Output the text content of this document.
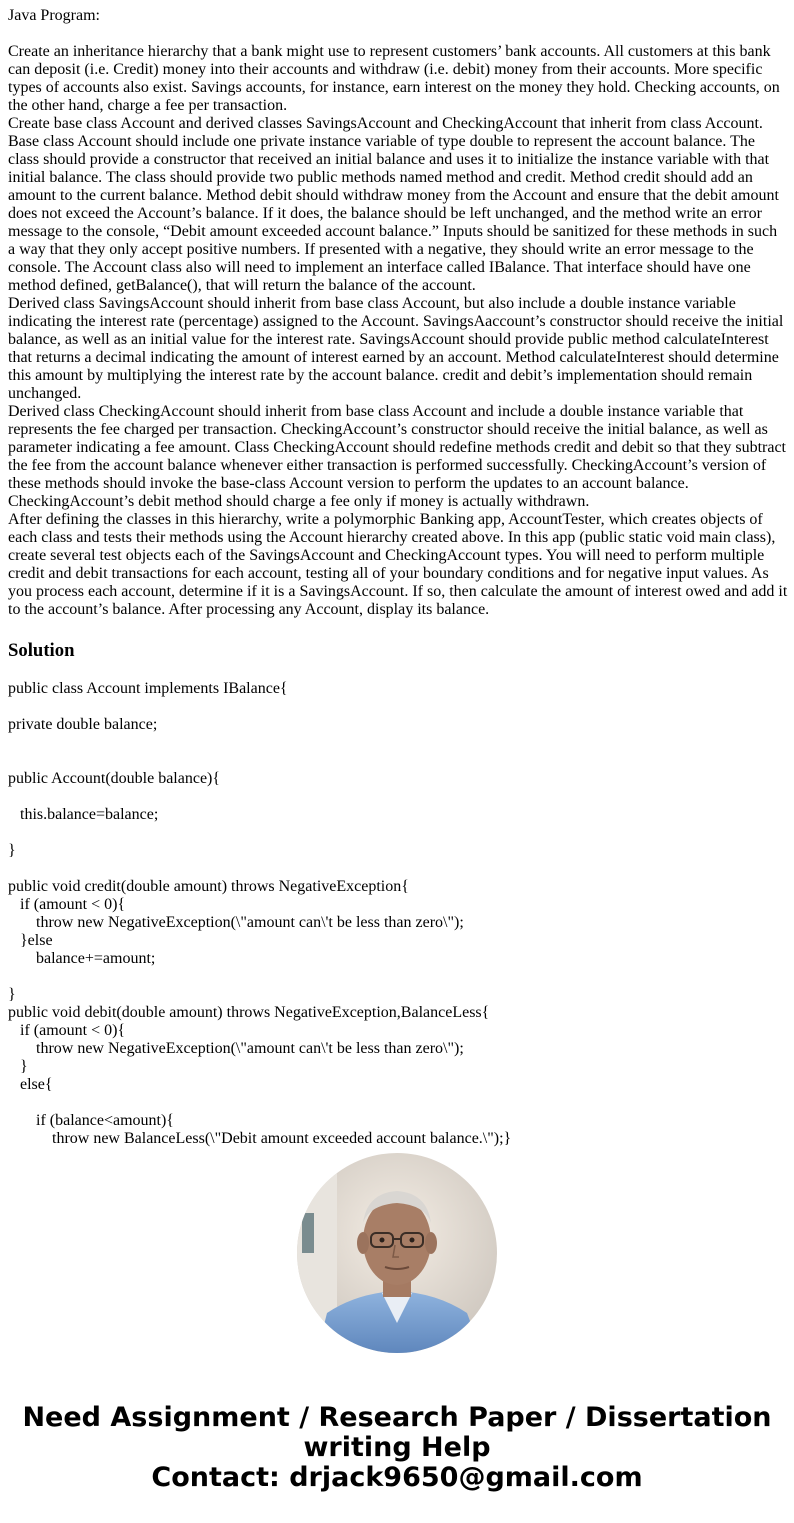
Java Program:

Create an inheritance hierarchy that a bank might use to represent customers’ bank accounts. All customers at this bank can deposit (i.e. Credit) money into their accounts and withdraw (i.e. debit) money from their accounts. More specific types of accounts also exist. Savings accounts, for instance, earn interest on the money they hold. Checking accounts, on the other hand, charge a fee per transaction.

Create base class Account and derived classes SavingsAccount and CheckingAccount that inherit from class Account. Base class Account should include one private instance variable of type double to represent the account balance. The class should provide a constructor that received an initial balance and uses it to initialize the instance variable with that initial balance. The class should provide two public methods named method and credit. Method credit should add an amount to the current balance. Method debit should withdraw money from the Account and ensure that the debit amount does not exceed the Account’s balance. If it does, the balance should be left unchanged, and the method write an error message to the console, “Debit amount exceeded account balance.” Inputs should be sanitized for these methods in such a way that they only accept positive numbers. If presented with a negative, they should write an error message to the console. The Account class also will need to implement an interface called IBalance. That interface should have one method defined, getBalance(), that will return the balance of the account.

Derived class SavingsAccount should inherit from base class Account, but also include a double instance variable indicating the interest rate (percentage) assigned to the Account. SavingsAaccount’s constructor should receive the initial balance, as well as an initial value for the interest rate. SavingsAccount should provide public method calculateInterest that returns a decimal indicating the amount of interest earned by an account. Method calculateInterest should determine this amount by multiplying the interest rate by the account balance. credit and debit’s implementation should remain unchanged.

Derived class CheckingAccount should inherit from base class Account and include a double instance variable that represents the fee charged per transaction. CheckingAccount’s constructor should receive the initial balance, as well as parameter indicating a fee amount. Class CheckingAccount should redefine methods credit and debit so that they subtract the fee from the account balance whenever either transaction is performed successfully. CheckingAccount’s version of these methods should invoke the base-class Account version to perform the updates to an account balance. CheckingAccount’s debit method should charge a fee only if money is actually withdrawn.

After defining the classes in this hierarchy, write a polymorphic Banking app, AccountTester, which creates objects of each class and tests their methods using the Account hierarchy created above. In this app (public static void main class), create several test objects each of the SavingsAccount and CheckingAccount types. You will need to perform multiple credit and debit transactions for each account, testing all of your boundary conditions and for negative input values. As you process each account, determine if it is a SavingsAccount. If so, then calculate the amount of interest owed and add it to the account’s balance. After processing any Account, display its balance.

Solution
public class Account implements IBalance{

private double balance;

public Account(double balance){

this.balance=balance;

}

public void credit(double amount) throws NegativeException{
if (amount < 0){
throw new NegativeException(\"amount can\'t be less than zero\");
}else
balance+=amount;

}
public void debit(double amount) throws NegativeException,BalanceLess{
if (amount < 0){
throw new NegativeException(\"amount can\'t be less than zero\");
}
else{

if (balance<amount){
throw new BalanceLess(\"Debit amount exceeded account balance.\");}
Need Assignment / Research Paper / Dissertation
writing Help
Contact: drjack9650@gmail.com
